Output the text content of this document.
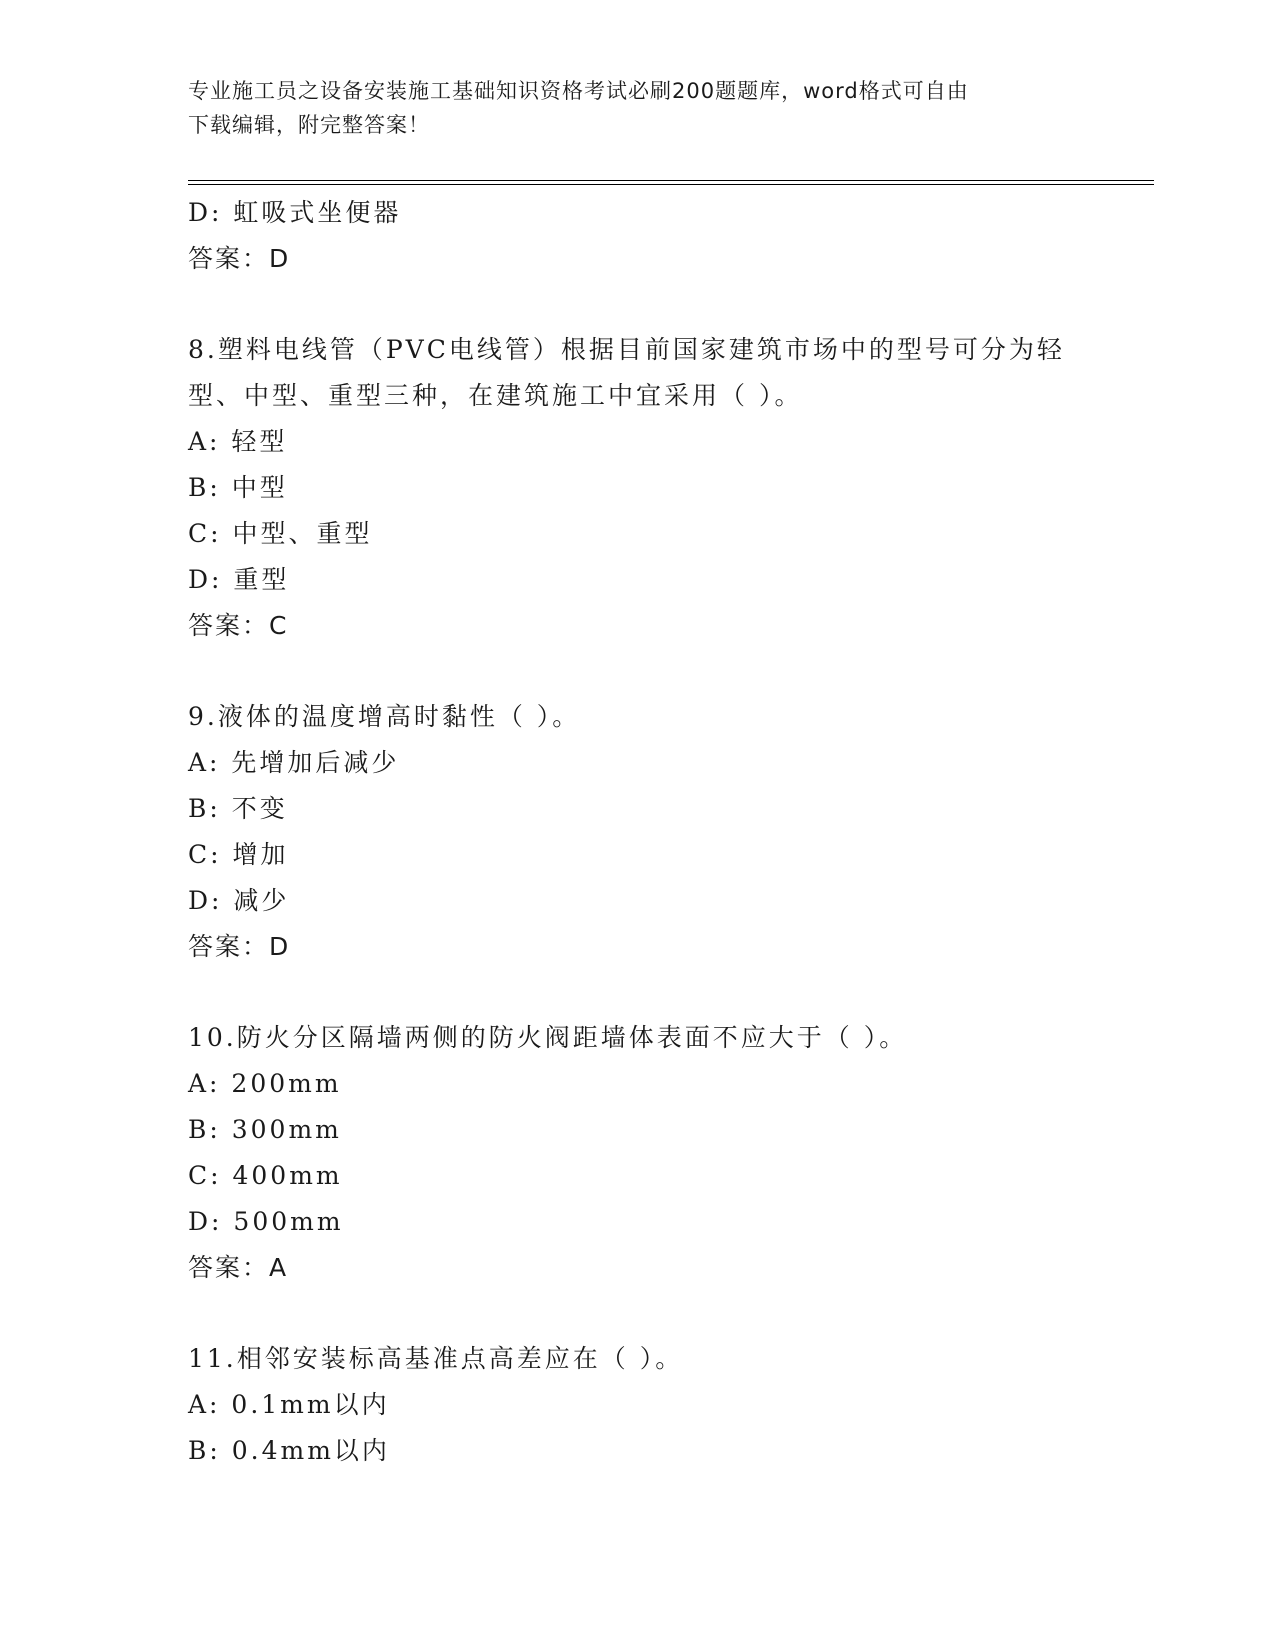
专业施工员之设备安装施工基础知识资格考试必刷200题题库，word格式可自由
下载编辑，附完整答案！
D: 虹吸式坐便器
答案：D
8.塑料电线管（PVC电线管）根据目前国家建筑市场中的型号可分为轻型、中型、重型三种，在建筑施工中宜采用（ ）。
A: 轻型
B: 中型
C: 中型、重型
D: 重型
答案：C
9.液体的温度增高时黏性（ ）。
A: 先增加后减少
B: 不变
C: 增加
D: 减少
答案：D
10.防火分区隔墙两侧的防火阀距墙体表面不应大于（ ）。
A: 200mm
B: 300mm
C: 400mm
D: 500mm
答案：A
11.相邻安装标高基准点高差应在（ ）。
A: 0.1mm以内
B: 0.4mm以内
